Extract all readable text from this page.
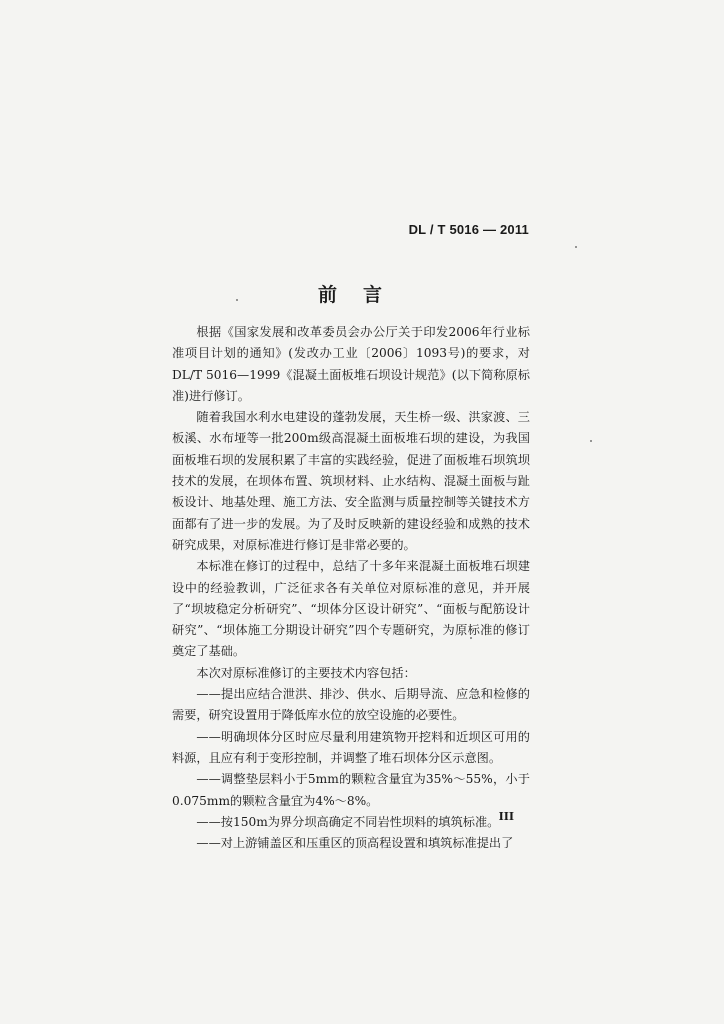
DL / T 5016 — 2011
前言

根据《国家发展和改革委员会办公厅关于印发2006年行业标准项目计划的通知》(发改办工业〔2006〕1093号)的要求，对DL/T 5016—1999《混凝土面板堆石坝设计规范》(以下简称原标准)进行修订。

随着我国水利水电建设的蓬勃发展，天生桥一级、洪家渡、三板溪、水布垭等一批200m级高混凝土面板堆石坝的建设，为我国面板堆石坝的发展积累了丰富的实践经验，促进了面板堆石坝筑坝技术的发展，在坝体布置、筑坝材料、止水结构、混凝土面板与趾板设计、地基处理、施工方法、安全监测与质量控制等关键技术方面都有了进一步的发展。为了及时反映新的建设经验和成熟的技术研究成果，对原标准进行修订是非常必要的。

本标准在修订的过程中，总结了十多年来混凝土面板堆石坝建设中的经验教训，广泛征求各有关单位对原标准的意见，并开展了“坝坡稳定分析研究”、“坝体分区设计研究”、“面板与配筋设计研究”、“坝体施工分期设计研究”四个专题研究，为原标准的修订奠定了基础。

本次对原标准修订的主要技术内容包括：

——提出应结合泄洪、排沙、供水、后期导流、应急和检修的需要，研究设置用于降低库水位的放空设施的必要性。

——明确坝体分区时应尽量利用建筑物开挖料和近坝区可用的料源，且应有利于变形控制，并调整了堆石坝体分区示意图。

——调整垫层料小于5mm的颗粒含量宜为35%～55%，小于0.075mm的颗粒含量宜为4%～8%。

——按150m为界分坝高确定不同岩性坝料的填筑标准。

——对上游铺盖区和压重区的顶高程设置和填筑标准提出了

III
